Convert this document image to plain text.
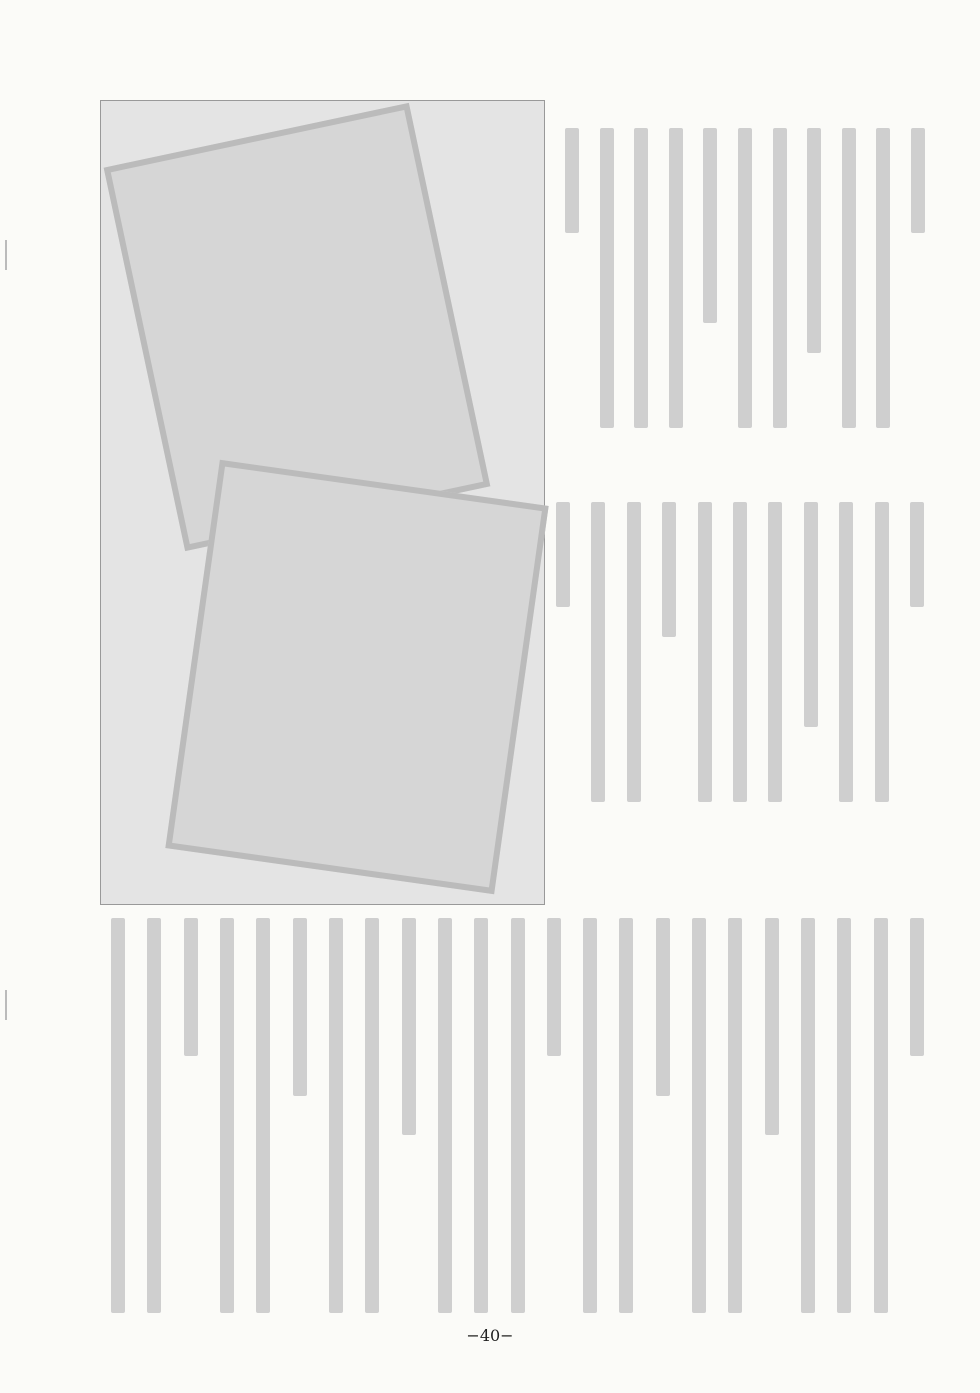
−40−
